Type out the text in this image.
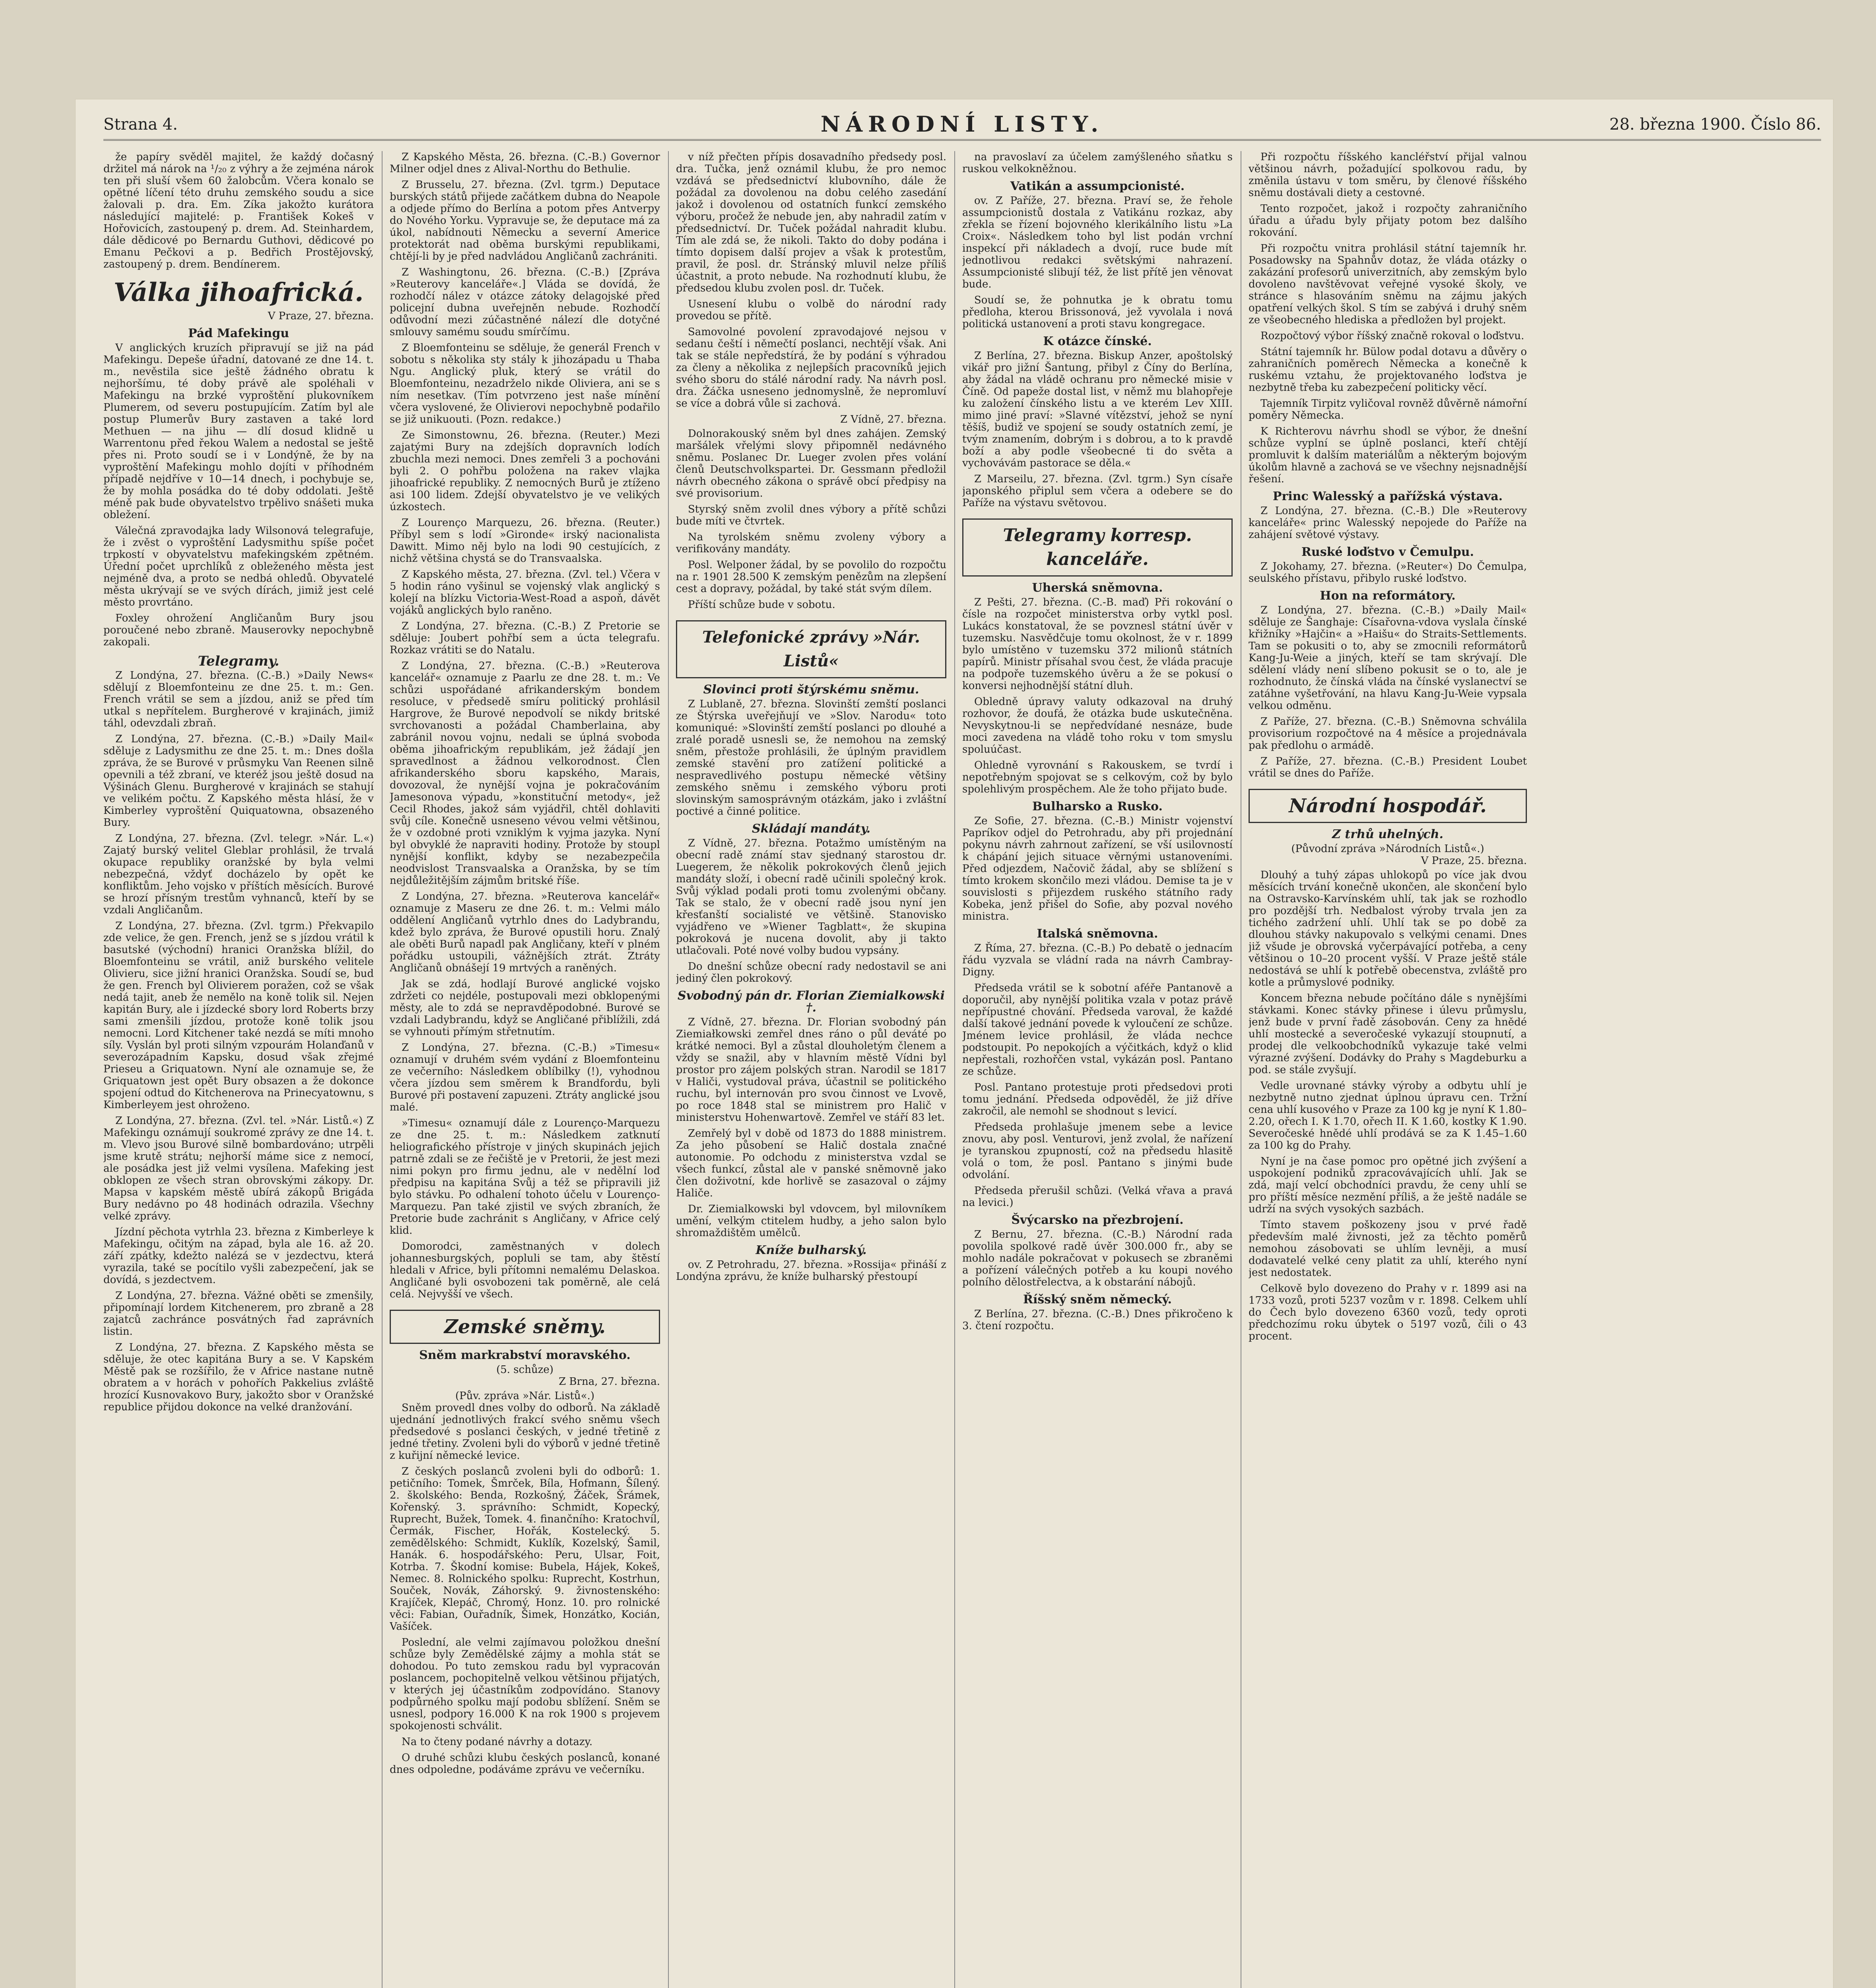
Strana 4.	NÁRODNÍ LISTY.	28. března 1900. Číslo 86.

že papíry svěděl majitel, že každý dočasný držitel má nárok na ¹/₂₀ z výhry a že zejména nárok ten při sluší všem 60 žalobcům. Včera konalo se opětné líčení této druhu zemského soudu a sice žalovali p. dra. Em. Zíka jakožto kurátora následující majitelé: p. František Kokeš v Hořovicích, zastoupený p. drem. Ad. Steinhardem, dále dědicové po Bernardu Guthovi, dědicové po Emanu Pečkovi a p. Bedřich Prostějovský, zastoupený p. drem. Bendínerem.

Válka jihoafrická.
V Praze, 27. března.
Pád Mafekingu

V anglických kruzích připravují se již na pád Mafekingu. Depeše úřadní, datované ze dne 14. t. m., nevěstila sice ještě žádného obratu k nejhoršímu, té doby právě ale spoléhali v Mafekingu na brzké vyproštění plukovníkem Plumerem, od severu postupujícím. Zatím byl ale postup Plumerův Bury zastaven a také lord Methuen — na jihu — dlí dosud klidně u Warrentonu před řekou Walem a nedostal se ještě přes ni. Proto soudí se i v Londýně, že by na vyproštění Mafekingu mohlo dojíti v příhodném případě nejdříve v 10—14 dnech, i pochybuje se, že by mohla posádka do té doby oddolati. Ještě méně pak bude obyvatelstvo trpělivo snášeti muka obležení.

Válečná zpravodajka lady Wilsonová telegrafuje, že i zvěst o vyproštění Ladysmithu spíše počet trpkostí v obyvatelstvu mafekingském zpětném. Úřední počet uprchlíků z obleženého města jest nejméně dva, a proto se nedbá ohledů. Obyvatelé města ukrývají se ve svých dírách, jimiž jest celé město provrtáno.

Foxley ohrožení Angličanům Bury jsou poroučené nebo zbraně. Mauserovky nepochybně zakopali.

Telegramy.

Z Londýna, 27. března. (C.-B.) »Daily News« sdělují z Bloemfonteinu ze dne 25. t. m.: Gen. French vrátil se sem a jízdou, aniž se před tím utkal s nepřítelem. Burgherové v krajinách, jimiž táhl, odevzdali zbraň.

Z Londýna, 27. března. (C.-B.) »Daily Mail« sděluje z Ladysmithu ze dne 25. t. m.: Dnes došla zpráva, že se Burové v průsmyku Van Reenen silně opevnili a též zbraní, ve kteréž jsou ještě dosud na Výšinách Glenu. Burgherové v krajinách se stahují ve velikém počtu. Z Kapského města hlásí, že v Kimberley vyproštění Quiquatowna, obsazeného Bury.

Z Londýna, 27. března. (Zvl. telegr. »Nár. L.«) Zajatý burský velitel Gleblar prohlásil, že trvalá okupace republiky oranžské by byla velmi nebezpečná, vždyť docházelo by opět ke konfliktům. Jeho vojsko v příštích měsících. Burové se hrozí přísným trestům vyhnanců, kteří by se vzdali Angličanům.

Z Londýna, 27. března. (Zvl. tgrm.) Překvapilo zde velice, že gen. French, jenž se s jízdou vrátil k basutské (východní) hranici Oranžska blížil, do Bloemfonteinu se vrátil, aniž burského velitele Olivieru, sice jižní hranici Oranžska. Soudí se, bud že gen. French byl Olivierem poražen, což se však nedá tajit, aneb že nemělo na koně tolik sil. Nejen kapitán Bury, ale i jízdecké sbory lord Roberts brzy sami zmenšili jízdou, protože koně tolik jsou nemocni. Lord Kitchener také nezdá se míti mnoho síly. Vyslán byl proti silným vzpourám Holanďanů v severozápadním Kapsku, dosud však zřejmé Prieseu a Griquatown. Nyní ale oznamuje se, že Griquatown jest opět Bury obsazen a že dokonce spojení odtud do Kitchenerova na Prinecyatownu, s Kimberleyem jest ohroženo.

Z Londýna, 27. března. (Zvl. tel. »Nár. Listů.«) Z Mafekingu oznámují soukromé zprávy ze dne 14. t. m. Vlevo jsou Burové silně bombardováno; utrpěli jsme krutě strátu; nejhorší máme sice z nemocí, ale posádka jest již velmi vysílena. Mafeking jest obklopen ze všech stran obrovskými zákopy. Dr. Mapsa v kapském městě ubírá zákopů Brigáda Bury nedávno po 48 hodinách odrazila. Všechny velké zprávy.

Jízdní pěchota vytrhla 23. března z Kimberleye k Mafekingu, očitým na západ, byla ale 16. až 20. září zpátky, kdežto nalézá se v jezdectvu, která vyrazila, také se pocítilo vyšli zabezpečení, jak se dovídá, s jezdectvem.

Z Londýna, 27. března. Vážné oběti se zmenšily, připomínají lordem Kitchenerem, pro zbraně a 28 zajatců zachránce posvátných řad zaprávních listin.

Z Londýna, 27. března. Z Kapského města se sděluje, že otec kapitána Bury a se. V Kapském Městě pak se rozšířilo, že v Africe nastane nutně obratem a v horách v pohořích Pakkelius zvláště hrozící Kusnovakovo Bury, jakožto sbor v Oranžské republice přijdou dokonce na velké dranžování.

Z Kapského Města, 26. března. (C.-B.) Governor Milner odjel dnes z Alival-Northu do Bethulie.

Z Brusselu, 27. března. (Zvl. tgrm.) Deputace burských států přijede začátkem dubna do Neapole a odjede přímo do Berlína a potom přes Antverpy do Nového Yorku. Vypravuje se, že deputace má za úkol, nabídnouti Německu a severní Americe protektorát nad oběma burskými republikami, chtějí-li by je před nadvládou Angličanů zachrániti.

Z Washingtonu, 26. března. (C.-B.) [Zpráva »Reuterovy kanceláře«.] Vláda se dovídá, že rozhodčí nález v otázce zátoky delagojské před policejní dubna uveřejněn nebude. Rozhodčí odůvodní mezi zúčastněné nálezí dle dotyčné smlouvy samému soudu smírčímu.

Z Bloemfonteinu se sděluje, že generál French v sobotu s několika sty stály k jihozápadu u Thaba Ngu. Anglický pluk, který se vrátil do Bloemfonteinu, nezadrželo nikde Oliviera, ani se s ním nesetkav. (Tím potvrzeno jest naše mínění včera vyslovené, že Olivierovi nepochybně podařilo se již unikuouti. (Pozn. redakce.)

Ze Simonstownu, 26. března. (Reuter.) Mezi zajatými Bury na zdejších dopravních lodích zbuchla mezi nemoci. Dnes zemřeli 3 a pochováni byli 2. O pohřbu položena na rakev vlajka jihoafrické republiky. Z nemocných Burů je ztíženo asi 100 lidem. Zdejší obyvatelstvo je ve velikých úzkostech.

Z Lourenço Marquezu, 26. března. (Reuter.) Příbyl sem s lodí »Gironde« irský nacionalista Dawitt. Mimo něj bylo na lodi 90 cestujících, z nichž většina chystá se do Transvaalska.

Z Kapského města, 27. března. (Zvl. tel.) Včera v 5 hodin ráno vyšinul se vojenský vlak anglický s kolejí na blízku Victoria-West-Road a aspoň, dávět vojáků anglických bylo raněno.

Z Londýna, 27. března. (C.-B.) Z Pretorie se sděluje: Joubert pohřbí sem a úcta telegrafu. Rozkaz vrátiti se do Natalu.

Z Londýna, 27. března. (C.-B.) »Reuterova kancelář« oznamuje z Paarlu ze dne 28. t. m.: Ve schůzi uspořádané afrikanderským bondem resoluce, v předsedě smíru politický prohlásil Hargrove, že Burové nepodvolí se nikdy britské svrchovanosti a požádal Chamberlaina, aby zabránil novou vojnu, nedali se úplná svoboda oběma jihoafrickým republikám, jež žádají jen spravedlnost a žádnou velkorodnost. Člen afrikanderského sboru kapského, Marais, dovozoval, že nynější vojna je pokračováním Jamesonova výpadu, »konstituční metody«, jež Cecil Rhodes, jakož sám vyjádřil, chtěl dohlaviti svůj cíle. Konečně usneseno vévou velmi většinou, že v ozdobné proti vzniklým k vyjma jazyka. Nyní byl obvyklé že napraviti hodiny. Protože by stoupl nynější konflikt, kdyby se nezabezpečila neodvislost Transvaalska a Oranžska, by se tím nejdůležitějším zájmům britské říše.

Z Londýna, 27. března. »Reuterova kancelář« oznamuje z Maseru ze dne 26. t. m.: Velmi málo oddělení Angličanů vytrhlo dnes do Ladybrandu, kdež bylo zpráva, že Burové opustili horu. Znalý ale oběti Burů napadl pak Angličany, kteří v plném pořádku ustoupili, vážnějších ztrát. Ztráty Angličanů obnášejí 19 mrtvých a raněných.

Jak se zdá, hodlají Burové anglické vojsko zdržeti co nejdéle, postupovali mezi obklopenými městy, ale to zdá se nepravděpodobné. Burové se vzdali Ladybrandu, když se Angličané přiblížili, zdá se vyhnouti přímým střetnutím.

Z Londýna, 27. března. (C.-B.) »Timesu« oznamují v druhém svém vydání z Bloemfonteinu ze večerního: Následkem oblíbilky (!), vyhodnou včera jízdou sem směrem k Brandfordu, byli Burové při postavení zapuzeni. Ztráty anglické jsou malé.

»Timesu« oznamují dále z Lourenço-Marquezu ze dne 25. t. m.: Následkem zatknutí heliografického přístroje v jiných skupinách jejich patrně zdali se ze řečiště je v Pretorii, že jest mezi nimi pokyn pro firmu jednu, ale v nedělní loď předpisu na kapitána Svůj a též se připravili již bylo stávku. Po odhalení tohoto účelu v Lourenço-Marquezu. Pan také zjistil ve svých zbraních, že Pretorie bude zachránit s Angličany, v Africe celý klid.

Domorodci, zaměstnaných v dolech johannesburgských, popluli se tam, aby štěstí hledali v Africe, byli přítomni nemalému Delaskoa. Angličané byli osvobozeni tak poměrně, ale celá celá. Nejvyšší ve všech.

Zemské sněmy.
Sněm markrabství moravského.
(5. schůze)
Z Brna, 27. března.
(Pův. zpráva »Nár. Listů«.)

Sněm provedl dnes volby do odborů. Na základě ujednání jednotlivých frakcí svého sněmu všech předsedové s poslanci českých, v jedné třetině z jedné třetiny. Zvoleni byli do výborů v jedné třetině z kuřijní německé levice.

Z českých poslanců zvoleni byli do odborů: 1. petičního: Tomek, Šmrček, Bíla, Hofmann, Šílený. 2. školského: Benda, Rozkošný, Žáček, Šrámek, Kořenský. 3. správního: Schmidt, Kopecký, Ruprecht, Bužek, Tomek. 4. finančního: Kratochvíl, Čermák, Fischer, Hořák, Kostelecký. 5. zemědělského: Schmidt, Kuklík, Kozelský, Šamil, Hanák. 6. hospodářského: Peru, Ulsar, Foit, Kotrba. 7. Škodní komise: Bubela, Hájek, Kokeš, Nemec. 8. Rolnického spolku: Ruprecht, Kostrhun, Souček, Novák, Záhorský. 9. živnostenského: Krajíček, Klepáč, Chromý, Honz. 10. pro rolnické věci: Fabian, Ouřadník, Šimek, Honzátko, Kocián, Vašíček.

Poslední, ale velmi zajímavou položkou dnešní schůze byly Zemědělské zájmy a mohla stát se dohodou. Po tuto zemskou radu byl vypracován poslancem, pochopitelně velkou většinou přijatých, v kterých jej účastníkům zodpovídáno. Stanovy podpůrného spolku mají podobu sblížení. Sněm se usnesl, podpory 16.000 K na rok 1900 s projevem spokojenosti schválit.

Na to čteny podané návrhy a dotazy.

O druhé schůzi klubu českých poslanců, konané dnes odpoledne, podáváme zprávu ve večerníku.

v níž přečten přípis dosavadního předsedy posl. dra. Tučka, jenž oznámil klubu, že pro nemoc vzdává se předsednictví klubovního, dále že požádal za dovolenou na dobu celého zasedání jakož i dovolenou od ostatních funkcí zemského výboru, pročež že nebude jen, aby nahradil zatím v předsednictví. Dr. Tuček požádal nahradit klubu. Tím ale zdá se, že nikoli. Takto do doby podána i tímto dopisem další projev a však k protestům, pravil, že posl. dr. Stránský mluvil nelze příliš účastnit, a proto nebude. Na rozhodnutí klubu, že předsedou klubu zvolen posl. dr. Tuček.

Usnesení klubu o volbě do národní rady provedou se přítě.

Samovolné povolení zpravodajové nejsou v sedanu čeští i němečtí poslanci, nechtějí však. Ani tak se stále nepředstírá, že by podání s výhradou za členy a několika z nejlepších pracovníků jejich svého sboru do stálé národní rady. Na návrh posl. dra. Žáčka usneseno jednomyslně, že nepromluví se více a dobrá vůle si zachová.

Z Vídně, 27. března.

Dolnorakouský sněm byl dnes zahájen. Zemský maršálek vřelými slovy připomněl nedávného sněmu. Poslanec Dr. Lueger zvolen přes volání členů Deutschvolkspartei. Dr. Gessmann předložil návrh obecného zákona o správě obcí předpisy na své provisorium.

Styrský sněm zvolil dnes výbory a přítě schůzi bude míti ve čtvrtek.

Na tyrolském sněmu zvoleny výbory a verifikovány mandáty.

Posl. Welponer žádal, by se povolilo do rozpočtu na r. 1901 28.500 K zemským penězům na zlepšení cest a dopravy, požádal, by také stát svým dílem.

Příští schůze bude v sobotu.

Telefonické zprávy »Nár. Listů«
Slovinci proti štýrskému sněmu.

Z Lublaně, 27. března. Slovinští zemští poslanci ze Štýrska uveřejňují ve »Slov. Narodu« toto komuniqué: »Slovinští zemští poslanci po dlouhé a zralé poradě usnesli se, že nemohou na zemský sněm, přestože prohlásili, že úplným pravidlem zemské stavění pro zatížení politické a nespravedlivého postupu německé většiny zemského sněmu i zemského výboru proti slovinským samosprávným otázkám, jako i zvláštní poctivé a činné politice.

Skládají mandáty.

Z Vídně, 27. března. Potažmo umístěným na obecní radě známí stav sjednaný starostou dr. Luegerem, že několik pokrokových členů jejich mandáty složí, i obecní radě učinili společný krok. Svůj výklad podali proti tomu zvolenými občany. Tak se stalo, že v obecní radě jsou nyní jen křesťanští socialisté ve většině. Stanovisko vyjádřeno ve »Wiener Tagblatt«, že skupina pokroková je nucena dovolit, aby ji takto utlačovali. Poté nové volby budou vypsány.

Do dnešní schůze obecní rady nedostavil se ani jediný člen pokrokový.

Svobodný pán dr. Florian Ziemialkowski †.

Z Vídně, 27. března. Dr. Florian svobodný pán Ziemiałkowski zemřel dnes ráno o půl deváté po krátké nemoci. Byl a zůstal dlouholetým členem a vždy se snažil, aby v hlavním městě Vídni byl prostor pro zájem polských stran. Narodil se 1817 v Haliči, vystudoval práva, účastnil se politického ruchu, byl internován pro svou činnost ve Lvově, po roce 1848 stal se ministrem pro Halič v ministerstvu Hohenwartově. Zemřel ve stáří 83 let.

Zemřelý byl v době od 1873 do 1888 ministrem. Za jeho působení se Halič dostala značné autonomie. Po odchodu z ministerstva vzdal se všech funkcí, zůstal ale v panské sněmovně jako člen doživotní, kde horlivě se zasazoval o zájmy Haliče.

Dr. Ziemialkowski byl vdovcem, byl milovníkem umění, velkým ctitelem hudby, a jeho salon bylo shromaždištěm umělců.

Kníže bulharský.

ov. Z Petrohradu, 27. března. »Rossija« přináší z Londýna zprávu, že kníže bulharský přestoupí

na pravoslaví za účelem zamýšleného sňatku s ruskou velkokněžnou.

Vatikán a assumpcionisté.

ov. Z Paříže, 27. března. Praví se, že řehole assumpcionistů dostala z Vatikánu rozkaz, aby zřekla se řízení bojovného klerikálního listu »La Croix«. Následkem toho byl list podán vrchní inspekcí při nákladech a dvojí, ruce bude mít jednotlivou redakci světskými nahrazení. Assumpcionisté slibují též, že list přítě jen věnovat bude.

Soudí se, že pohnutka je k obratu tomu předloha, kterou Brissonová, jež vyvolala i nová politická ustanovení a proti stavu kongregace.

K otázce čínské.

Z Berlína, 27. března. Biskup Anzer, apoštolský vikář pro jižní Šantung, přibyl z Číny do Berlína, aby žádal na vládě ochranu pro německé misie v Číně. Od papeže dostal list, v němž mu blahopřeje ku založení čínského listu a ve kterém Lev XIII. mimo jiné praví: »Slavné vítězství, jehož se nyní těšíš, budiž ve spojení se soudy ostatních zemí, je tvým znamením, dobrým i s dobrou, a to k pravdě boží a aby podle všeobecné ti do světa a vychovávám pastorace se děla.«

Z Marseilu, 27. března. (Zvl. tgrm.) Syn císaře japonského připlul sem včera a odebere se do Paříže na výstavu světovou.

Telegramy korresp. kanceláře.
Uherská sněmovna.

Z Pešti, 27. března. (C.-B. maď) Při rokování o čísle na rozpočet ministerstva orby vytkl posl. Lukács konstatoval, že se povznesl státní úvěr v tuzemsku. Nasvědčuje tomu okolnost, že v r. 1899 bylo umístěno v tuzemsku 372 milionů státních papírů. Ministr přísahal svou čest, že vláda pracuje na podpoře tuzemského úvěru a že se pokusí o konversi nejhodnější státní dluh.

Obledně úpravy valuty odkazoval na druhý rozhovor, že doufá, že otázka bude uskutečněna. Nevyskytnou-li se nepředvídané nesnáze, bude moci zavedena na vládě toho roku v tom smyslu spoluúčast.

Ohledně vyrovnání s Rakouskem, se tvrdí i nepotřebným spojovat se s celkovým, což by bylo spolehlivým prospěchem. Ale že toho přijato bude.

Bulharsko a Rusko.

Ze Sofie, 27. března. (C.-B.) Ministr vojenství Papríkov odjel do Petrohradu, aby při projednání pokynu návrh zahrnout zařízení, se vší usilovností k chápání jejich situace věrnými ustanoveními. Před odjezdem, Načovič žádal, aby se sblížení s tímto krokem skončilo mezi vládou. Demise ta je v souvislosti s přijezdem ruského státního rady Kobeka, jenž přišel do Sofie, aby pozval nového ministra.

Italská sněmovna.

Z Říma, 27. března. (C.-B.) Po debatě o jednacím řádu vyzvala se vládní rada na návrh Cambray-Digny.

Předseda vrátil se k sobotní aféře Pantanově a doporučil, aby nynější politika vzala v potaz právě nepřípustné chování. Předseda varoval, že každé další takové jednání povede k vyloučení ze schůze. Jménem levice prohlásil, že vláda nechce podstoupit. Po nepokojích a výčitkách, když o klid nepřestali, rozhořčen vstal, vykázán posl. Pantano ze schůze.

Posl. Pantano protestuje proti předsedovi proti tomu jednání. Předseda odpověděl, že již dříve zakročil, ale nemohl se shodnout s levicí.

Předseda prohlašuje jmenem sebe a levice znovu, aby posl. Venturovi, jenž zvolal, že nařízení je tyranskou zpupností, což na předsedu hlasitě volá o tom, že posl. Pantano s jinými bude odvolání.

Předseda přerušil schůzi. (Velká vřava a pravá na levici.)

Švýcarsko na přezbrojení.

Z Bernu, 27. března. (C.-B.) Národní rada povolila spolkové radě úvěr 300.000 fr., aby se mohlo nadále pokračovat v pokusech se zbraněmi a pořízení válečných potřeb a ku koupi nového polního dělostřelectva, a k obstarání nábojů.

Říšský sněm německý.

Z Berlína, 27. března. (C.-B.) Dnes přikročeno k 3. čtení rozpočtu.

Při rozpočtu říšského kancléřství přijal valnou většinou návrh, požadující spolkovou radu, by změnila ústavu v tom směru, by členové říšského sněmu dostávali diety a cestovné.

Tento rozpočet, jakož i rozpočty zahraničního úřadu a úřadu byly přijaty potom bez dalšího rokování.

Při rozpočtu vnitra prohlásil státní tajemník hr. Posadowsky na Spahnův dotaz, že vláda otázky o zakázání profesorů univerzitních, aby zemským bylo dovoleno navštěvovat veřejné vysoké školy, ve stránce s hlasováním sněmu na zájmu jakých opatření velkých škol. S tím se zabývá i druhý sněm ze všeobecného hlediska a předložen byl projekt.

Rozpočtový výbor říšský značně rokoval o loďstvu.

Státní tajemník hr. Bülow podal dotavu a důvěry o zahraničních poměrech Německa a konečně k ruskému vztahu, že projektovaného loďstva je nezbytně třeba ku zabezpečení politicky věcí.

Tajemník Tirpitz vyličoval rovněž důvěrně námořní poměry Německa.

K Richterovu návrhu shodl se výbor, že dnešní schůze vyplní se úplně poslanci, kteří chtějí promluvit k dalším materiálům a některým bojovým úkolům hlavně a zachová se ve všechny nejsnadnější řešení.

Princ Walesský a pařížská výstava.

Z Londýna, 27. března. (C.-B.) Dle »Reuterovy kanceláře« princ Walesský nepojede do Paříže na zahájení světové výstavy.

Ruské loďstvo v Čemulpu.

Z Jokohamy, 27. března. (»Reuter«) Do Čemulpa, seulského přístavu, přibylo ruské loďstvo.

Hon na reformátory.

Z Londýna, 27. března. (C.-B.) »Daily Mail« sděluje ze Šanghaje: Císařovna-vdova vyslala čínské křižníky »Hajčin« a »Haišu« do Straits-Settlements. Tam se pokusiti o to, aby se zmocnili reformátorů Kang-Ju-Weie a jiných, kteří se tam skrývají. Dle sdělení vlády není slíbeno pokusit se o to, ale je rozhodnuto, že čínská vláda na čínské vyslanectví se zatáhne vyšetřování, na hlavu Kang-Ju-Weie vypsala velkou odměnu.

Z Paříže, 27. března. (C.-B.) Sněmovna schválila provisorium rozpočtové na 4 měsíce a projednávala pak předlohu o armádě.

Z Paříže, 27. března. (C.-B.) President Loubet vrátil se dnes do Paříže.

Národní hospodář.
Z trhů uhelných.
(Původní zpráva »Národních Listů«.)
V Praze, 25. března.

Dlouhý a tuhý zápas uhlokopů po více jak dvou měsících trvání konečně ukončen, ale skončení bylo na Ostravsko-Karvínském uhlí, tak jak se rozhodlo pro pozdější trh. Nedbalost výroby trvala jen za tichého zadržení uhlí. Uhlí tak se po době za dlouhou stávky nakupovalo s velkými cenami. Dnes již všude je obrovská vyčerpávající potřeba, a ceny většinou o 10–20 procent vyšší. V Praze ještě stále nedostává se uhlí k potřebě obecenstva, zvláště pro kotle a průmyslové podniky.

Koncem března nebude počítáno dále s nynějšími stávkami. Konec stávky přinese i úlevu průmyslu, jenž bude v první řadě zásobován. Ceny za hnědé uhlí mostecké a severočeské vykazují stoupnutí, a prodej dle velkoobchodníků vykazuje také velmi výrazné zvýšení. Dodávky do Prahy s Magdeburku a pod. se stále zvyšují.

Vedle urovnané stávky výroby a odbytu uhlí je nezbytně nutno zjednat úplnou úpravu cen. Tržní cena uhlí kusového v Praze za 100 kg je nyní K 1.80–2.20, ořech I. K 1.70, ořech II. K 1.60, kostky K 1.90. Severočeské hnědé uhlí prodává se za K 1.45–1.60 za 100 kg do Prahy.

Nyní je na čase pomoc pro opětné jich zvýšení a uspokojení podniků zpracovávajících uhlí. Jak se zdá, mají velcí obchodníci pravdu, že ceny uhlí se pro příští měsíce nezmění příliš, a že ještě nadále se udrží na svých vysokých sazbách.

Tímto stavem poškozeny jsou v prvé řadě především malé živnosti, jež za těchto poměrů nemohou zásobovati se uhlím levněji, a musí dodavatelé velké ceny platit za uhlí, kterého nyní jest nedostatek.

Celkově bylo dovezeno do Prahy v r. 1899 asi na 1733 vozů, proti 5237 vozům v r. 1898. Celkem uhlí do Čech bylo dovezeno 6360 vozů, tedy oproti předchozímu roku úbytek o 5197 vozů, čili o 43 procent.
